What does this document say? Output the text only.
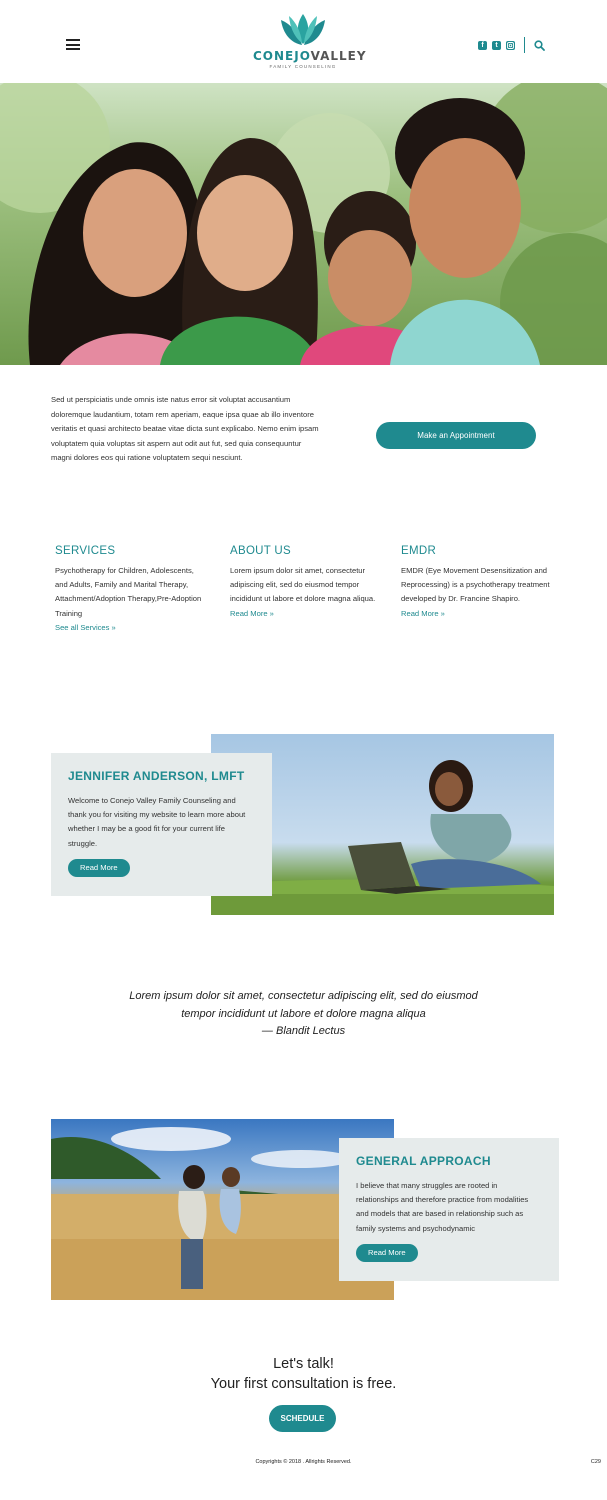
CONEJOVALLEY
FAMILY COUNSELING
f	t

Sed ut perspiciatis unde omnis iste natus error sit voluptat accusantium doloremque laudantium, totam rem aperiam, eaque ipsa quae ab illo inventore veritatis et quasi architecto beatae vitae dicta sunt explicabo. Nemo enim ipsam voluptatem quia voluptas sit aspern aut odit aut fut, sed quia consequuntur magni dolores eos qui ratione voluptatem sequi nesciunt.

Make an Appointment
SERVICES

Psychotherapy for Children, Adolescents, and Adults, Family and Marital Therapy, Attachment/Adoption Therapy,Pre-Adoption Training

See all Services »
ABOUT US

Lorem ipsum dolor sit amet, consectetur adipiscing elit, sed do eiusmod tempor incididunt ut labore et dolore magna aliqua.

Read More »
EMDR

EMDR (Eye Movement Desensitization and Reprocessing) is a psychotherapy treatment developed by Dr. Francine Shapiro.

Read More »
JENNIFER ANDERSON, LMFT

Welcome to Conejo Valley Family Counseling and thank you for visiting my website to learn more about whether I may be a good fit for your current life struggle.

Read More
Lorem ipsum dolor sit amet, consectetur adipiscing elit, sed do eiusmod
tempor incididunt ut labore et dolore magna aliqua
— Blandit Lectus
GENERAL APPROACH

I believe that many struggles are rooted in relationships and therefore practice from modalities and models that are based in relationship such as family systems and psychodynamic

Read More
Let's talk!
Your first consultation is free.
SCHEDULE
Copyrights © 2018 . Allrights Reserved.	C29
